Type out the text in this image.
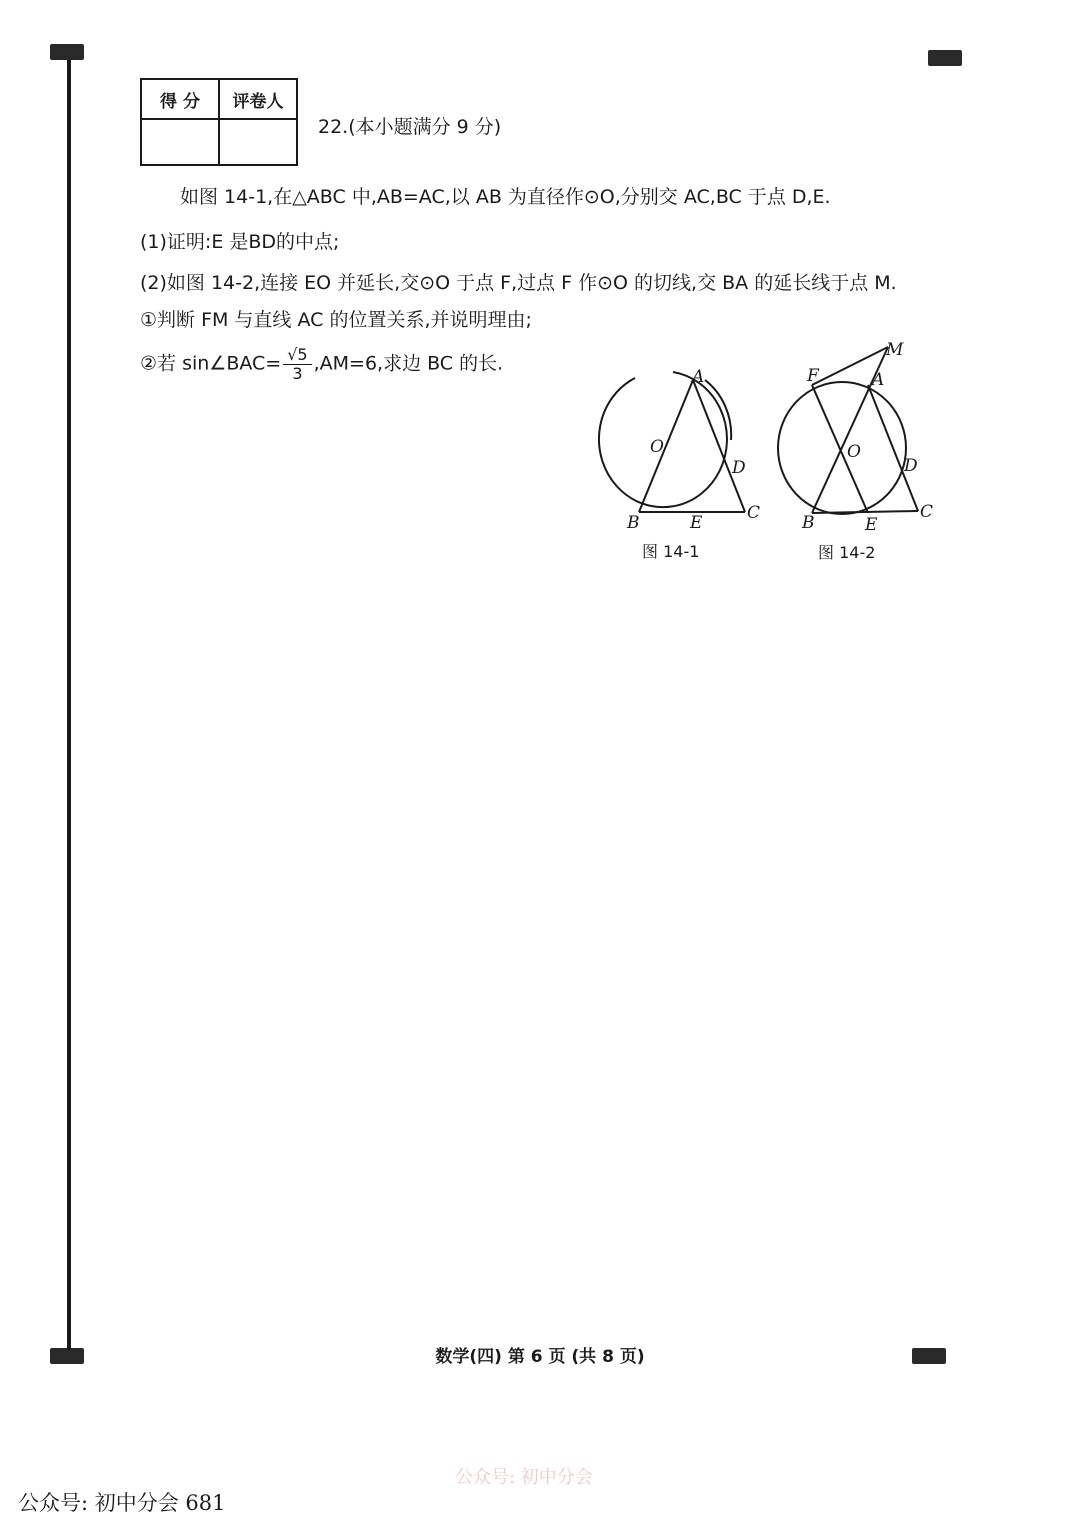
得 分	评卷人

22.(本小题满分 9 分)
如图 14-1,在△ABC 中,AB=AC,以 AB 为直径作⊙O,分别交 AC,BC 于点 D,E.
(1)证明:E 是BD的中点;
(2)如图 14-2,连接 EO 并延长,交⊙O 于点 F,过点 F 作⊙O 的切线,交 BA 的延长线于点 M.
①判断 FM 与直线 AC 的位置关系,并说明理由;
②若 sin∠BAC= $\frac{√5}{3} ,AM=6$,求边 BC 的长.
A
O
D
C
B	E
图 14-1
M
F	A
O
D
C
B	E
图 14-2
数学(四) 第 6 页 (共 8 页)
公众号: 初中分会
公众号: 初中分会 681
